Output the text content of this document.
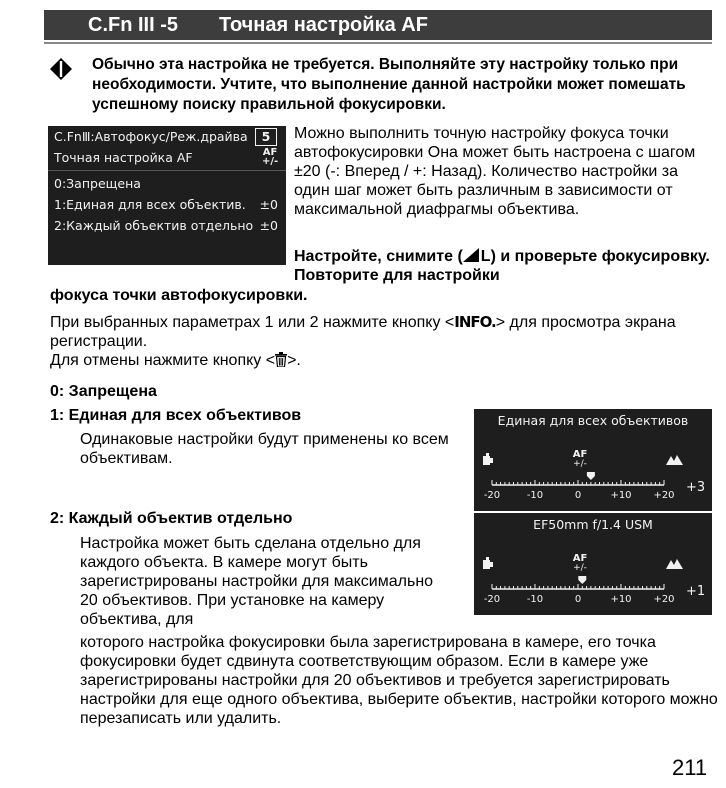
C.Fn III -5 Точная настройка AF
Обычно эта настройка не требуется. Выполняйте эту настройку только при необходимости. Учтите, что выполнение данной настройки может помешать успешному поиску правильной фокусировки.
C.FnⅢ:Автофокус/Реж.драйва	5
Точная настройка AF	AF
+/-
0:Запрещена
1:Единая для всех объектив. ±0
2:Каждый объектив отдельно ±0
Можно выполнить точную настройку фокуса точки автофокусировки Она может быть настроена с шагом ±20 (-: Вперед / +: Назад). Количество настройки за один шаг может быть различным в зависимости от максимальной диафрагмы объектива.
Настройте, снимите ( L) и проверьте фокусировку. Повторите для настройки
фокуса точки автофокусировки.
При выбранных параметрах 1 или 2 нажмите кнопку <INFO.> для просмотра экрана регистрации.
Для отмены нажмите кнопку < >.
0: Запрещена
1: Единая для всех объективов
Одинаковые настройки будут применены ко всем объективам.
2: Каждый объектив отдельно
Настройка может быть сделана отдельно для каждого объекта. В камере могут быть зарегистрированы настройки для максимально 20 объективов. При установке на камеру объектива, для
которого настройка фокусировки была зарегистрирована в камере, его точка фокусировки будет сдвинута соответствующим образом. Если в камере уже зарегистрированы настройки для 20 объективов и требуется зарегистрировать настройки для еще одного объектива, выберите объектив, настройки которого можно перезаписать или удалить.
Единая для всех объективов
AF
+/-
-20	-10	0	+10 +20
+3
EF50mm f/1.4 USM
AF
+/-
-20	-10	0	+10 +20
+1
211
